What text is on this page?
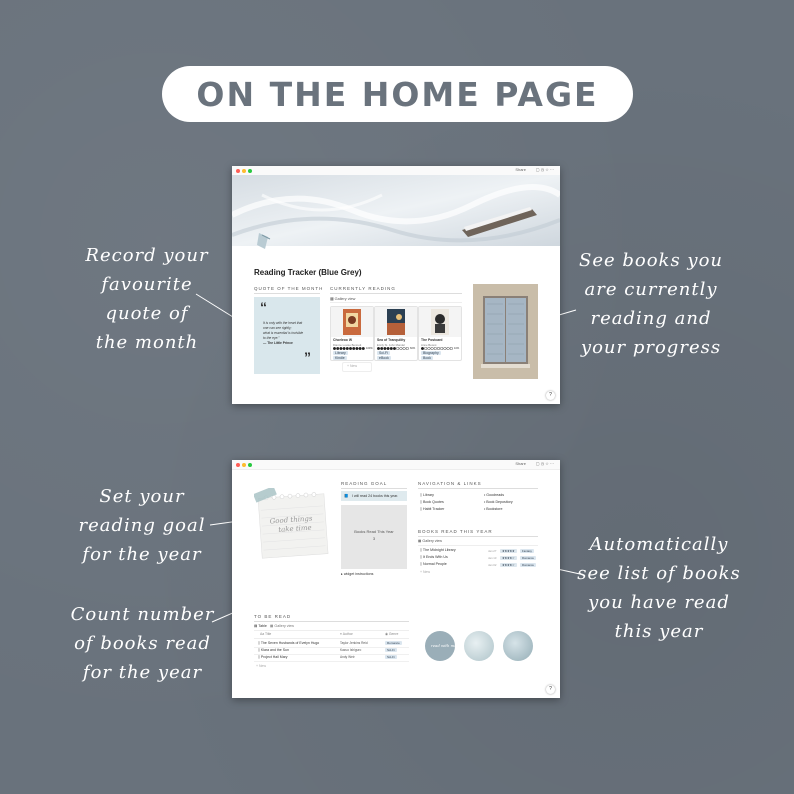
ON THE HOME PAGE
Record your
favourite
quote of
the month
See books you
are currently
reading and
your progress
Set your
reading goal
for the year
Count number
of books read
for the year
Automatically
see list of books
you have read
this year
Share ▢ ◷ ☆ ⋯
Reading Tracker (Blue Grey)
QUOTE OF THE MONTH
“
It is only with the heart that
one can see rightly;
what is essential is invisible
to the eye."
— The Little Prince
”
CURRENTLY READING
▦ Gallery view
Chorleoo W
Dianne Louise Bennett
100%
Library
Kindle
Sea of Tranquility
Emily St. John Mandel
60%
Sci-Fi
eBook
The Postcard
Anne Berest
10%
Biography
Book
+ New
?
Share ▢ ◷ ☆ ⋯
Good things
take time
READING GOAL
📘 I will read 24 books this year.
Books Read This Year
3
▸ widget instructions
NAVIGATION & LINKS
▯ Library
▯ Book Quotes
▯ Habit Tracker
• Goodreads
• Book Depository
• Bookstore
BOOKS READ THIS YEAR
▦ Gallery view
▯ The Midnight Library	Jan 27	★★★★★	Fantasy
▯ It Ends With Us	Jan 13	★★★★☆	Romance
▯ Normal People	Jan 02	★★★★☆	Romance
+ New
TO BE READ
▤ Table ▦ Gallery view
Aa Title	≡ Author	◉ Genre
▯ The Seven Husbands of Evelyn Hugo	Taylor Jenkins Reid	Romance
▯ Klara and the Sun	Kazuo Ishiguro	Sci-Fi
▯ Project Hail Mary	Andy Weir	Sci-Fi
+ New
read with me
?
